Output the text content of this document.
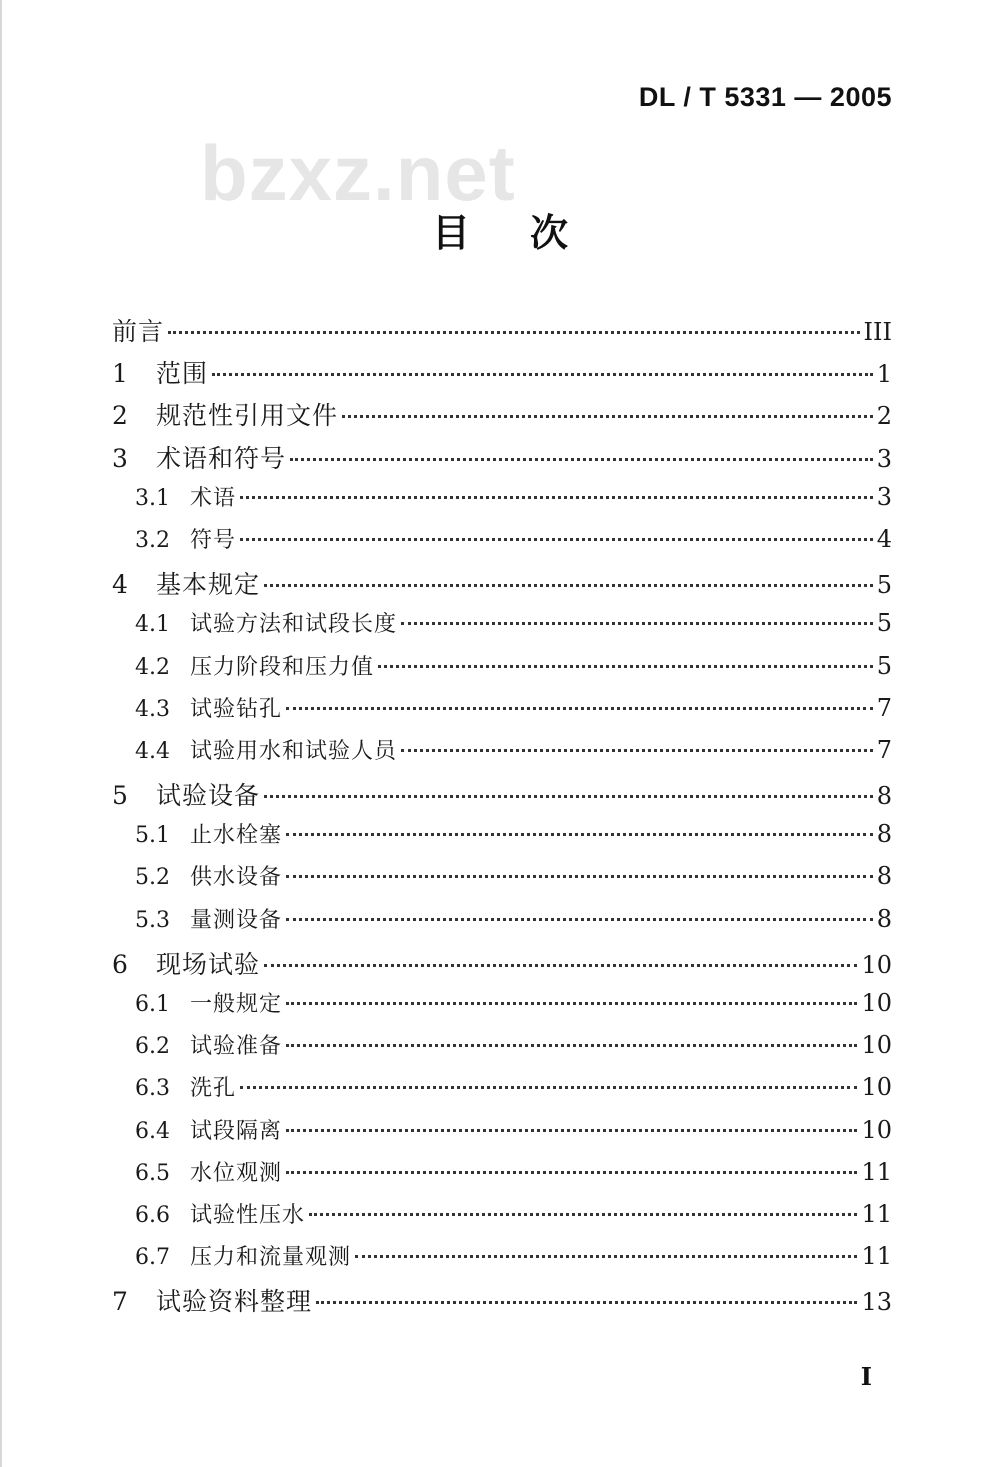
DL / T 5331 — 2005
bzxz.net
目次
前言	III
1	范围	1
2	规范性引用文件	2
3	术语和符号	3
3.1 术语	3
3.2 符号	4
4	基本规定	5
4.1 试验方法和试段长度	5
4.2 压力阶段和压力值	5
4.3 试验钻孔	7
4.4 试验用水和试验人员	7
5	试验设备	8
5.1 止水栓塞	8
5.2 供水设备	8
5.3 量测设备	8
6	现场试验	10
6.1 一般规定	10
6.2 试验准备	10
6.3 洗孔	10
6.4 试段隔离	10
6.5 水位观测	11
6.6 试验性压水	11
6.7 压力和流量观测	11
7	试验资料整理	13
I
